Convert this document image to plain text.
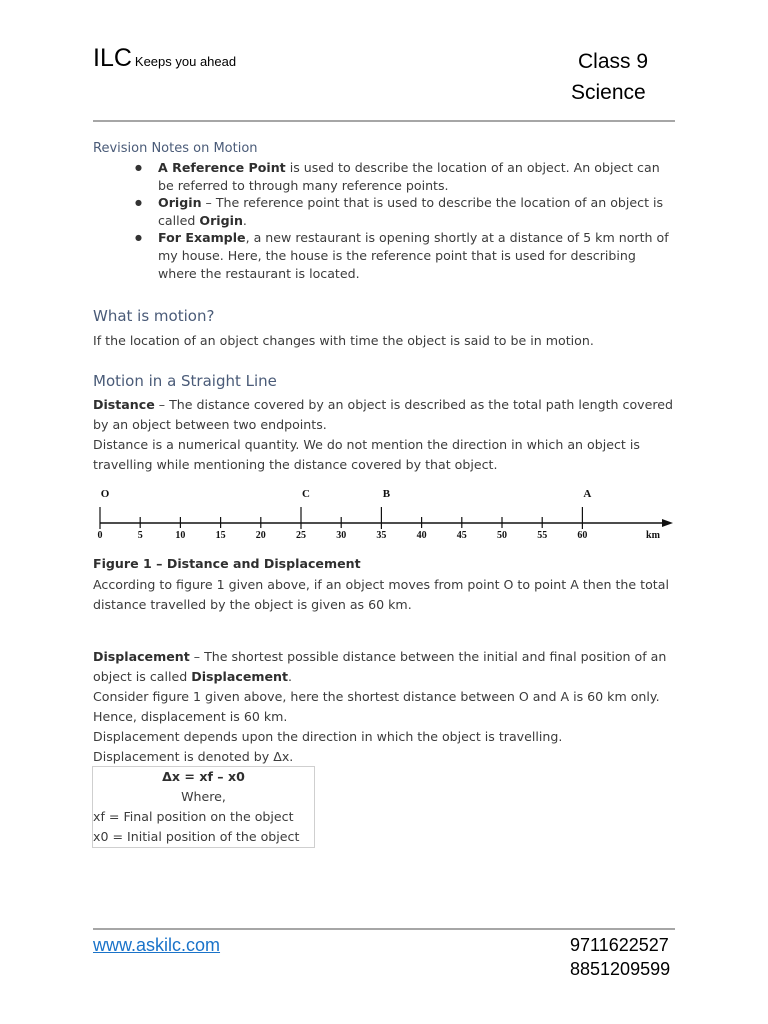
ILC Keeps you ahead	Class 9
Science
Revision Notes on Motion
● A Reference Point is used to describe the location of an object. An object can be referred to through many reference points.
● Origin – The reference point that is used to describe the location of an object is called Origin.
● For Example, a new restaurant is opening shortly at a distance of 5 km north of my house. Here, the house is the reference point that is used for describing where the restaurant is located.
What is motion?
If the location of an object changes with time the object is said to be in motion.
Motion in a Straight Line
Distance – The distance covered by an object is described as the total path length covered by an object between two endpoints.
Distance is a numerical quantity. We do not mention the direction in which an object is travelling while mentioning the distance covered by that object.
0	5	10	15	20	25	30	35	40	45	50	55	60	km
O	C	B	A
Figure 1 – Distance and Displacement
According to figure 1 given above, if an object moves from point O to point A then the total distance travelled by the object is given as 60 km.
Displacement – The shortest possible distance between the initial and final position of an object is called Displacement.
Consider figure 1 given above, here the shortest distance between O and A is 60 km only. Hence, displacement is 60 km.
Displacement depends upon the direction in which the object is travelling.
Displacement is denoted by Δx.
Δx = xf – x0
Where,
xf = Final position on the object
x0 = Initial position of the object
www.askilc.com	9711622527
8851209599
